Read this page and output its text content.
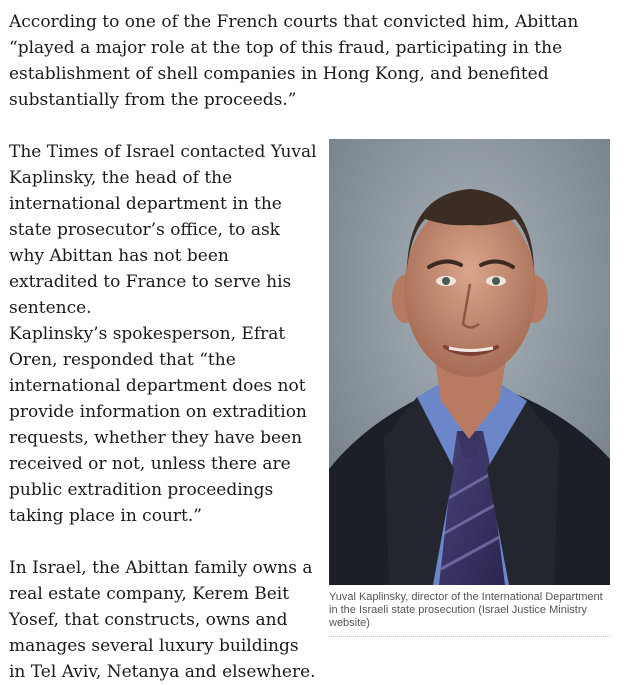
According to one of the French courts that convicted him, Abittan “played a major role at the top of this fraud, participating in the establishment of shell companies in Hong Kong, and benefited substantially from the proceeds.”

The Times of Israel contacted Yuval Kaplinsky, the head of the international department in the state prosecutor’s office, to ask why Abittan has not been extradited to France to serve his sentence.

Kaplinsky’s spokesperson, Efrat Oren, responded that “the international department does not provide information on extradition requests, whether they have been received or not, unless there are public extradition proceedings taking place in court.”

In Israel, the Abittan family owns a real estate company, Kerem Beit Yosef, that constructs, owns and manages several luxury buildings in Tel Aviv, Netanya and elsewhere.

Yuval Kaplinsky, director of the International Department in the Israeli state prosecution (Israel Justice Ministry website)
